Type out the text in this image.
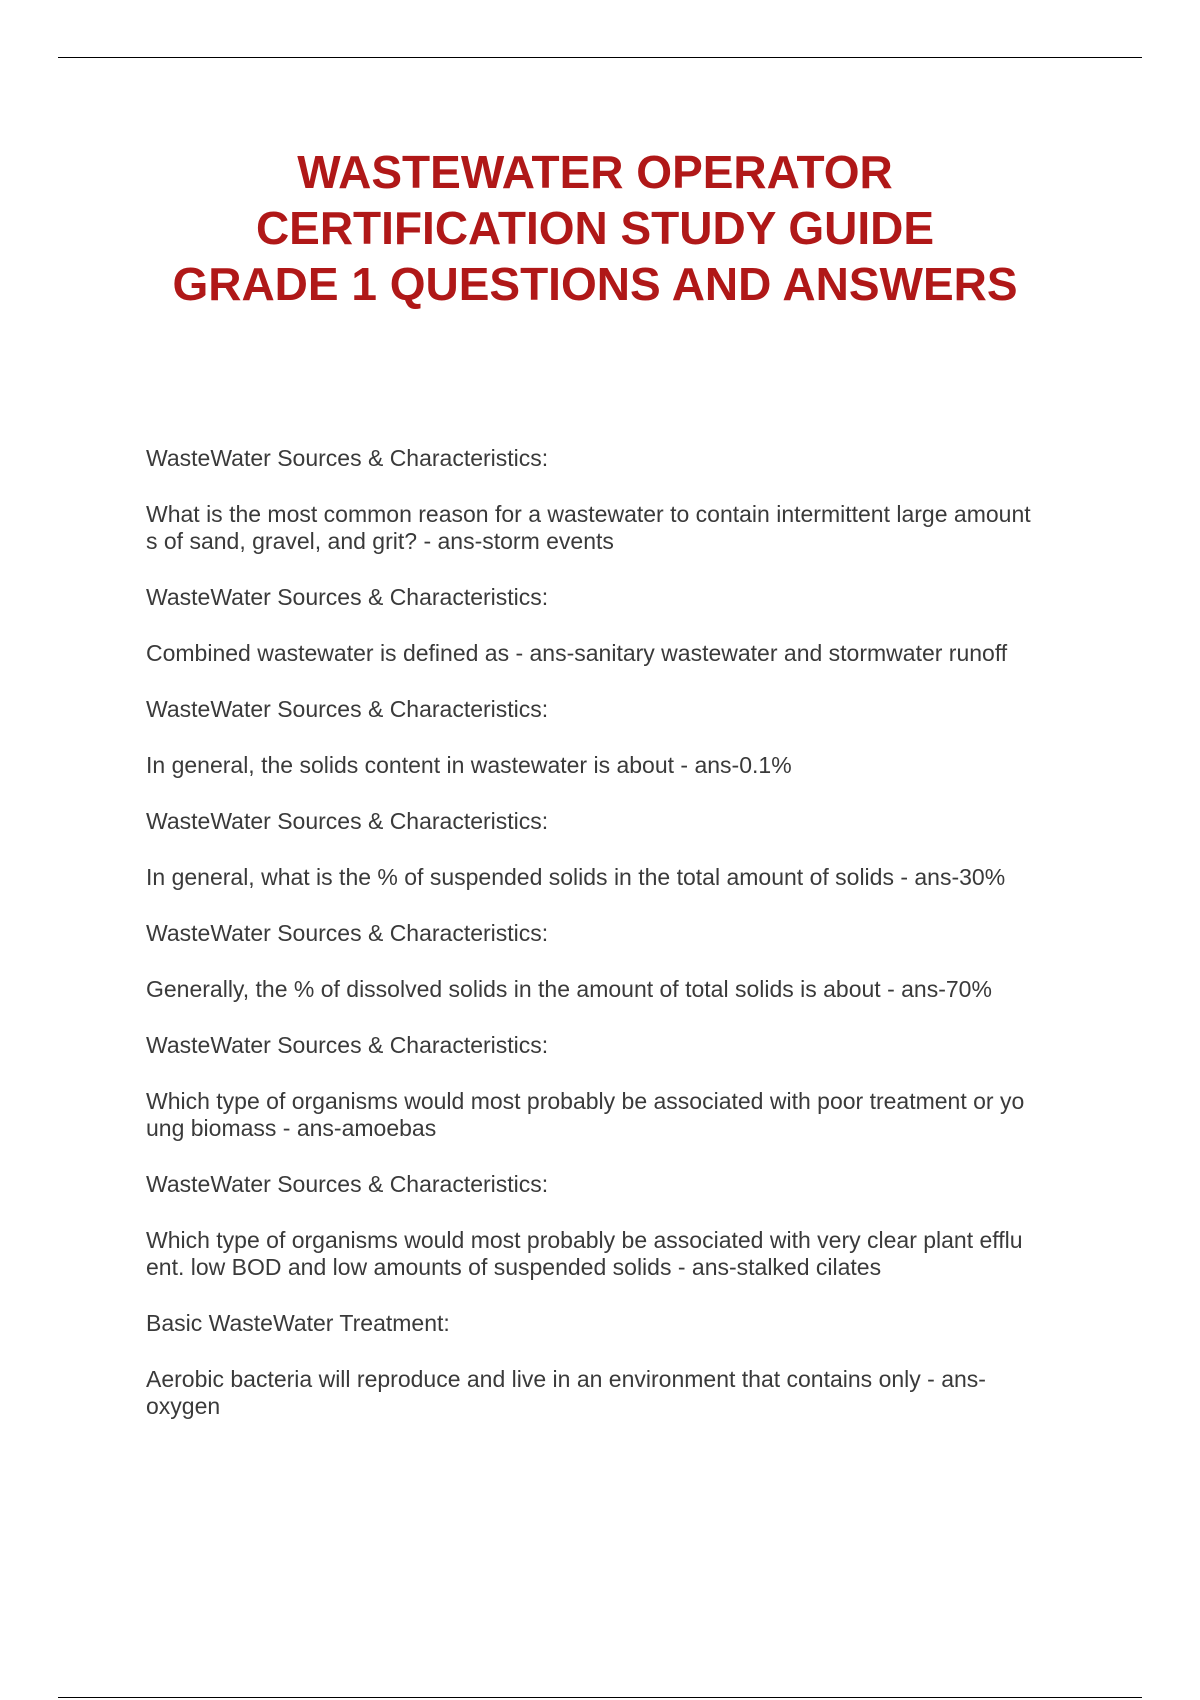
WASTEWATER OPERATOR
CERTIFICATION STUDY GUIDE
GRADE 1 QUESTIONS AND ANSWERS

WasteWater Sources & Characteristics:

What is the most common reason for a wastewater to contain intermittent large amount
s of sand, gravel, and grit? - ans-storm events

WasteWater Sources & Characteristics:

Combined wastewater is defined as - ans-sanitary wastewater and stormwater runoff

WasteWater Sources & Characteristics:

In general, the solids content in wastewater is about - ans-0.1%

WasteWater Sources & Characteristics:

In general, what is the % of suspended solids in the total amount of solids - ans-30%

WasteWater Sources & Characteristics:

Generally, the % of dissolved solids in the amount of total solids is about - ans-70%

WasteWater Sources & Characteristics:

Which type of organisms would most probably be associated with poor treatment or yo
ung biomass - ans-amoebas

WasteWater Sources & Characteristics:

Which type of organisms would most probably be associated with very clear plant efflu
ent. low BOD and low amounts of suspended solids - ans-stalked cilates

Basic WasteWater Treatment:

Aerobic bacteria will reproduce and live in an environment that contains only - ans-
oxygen
